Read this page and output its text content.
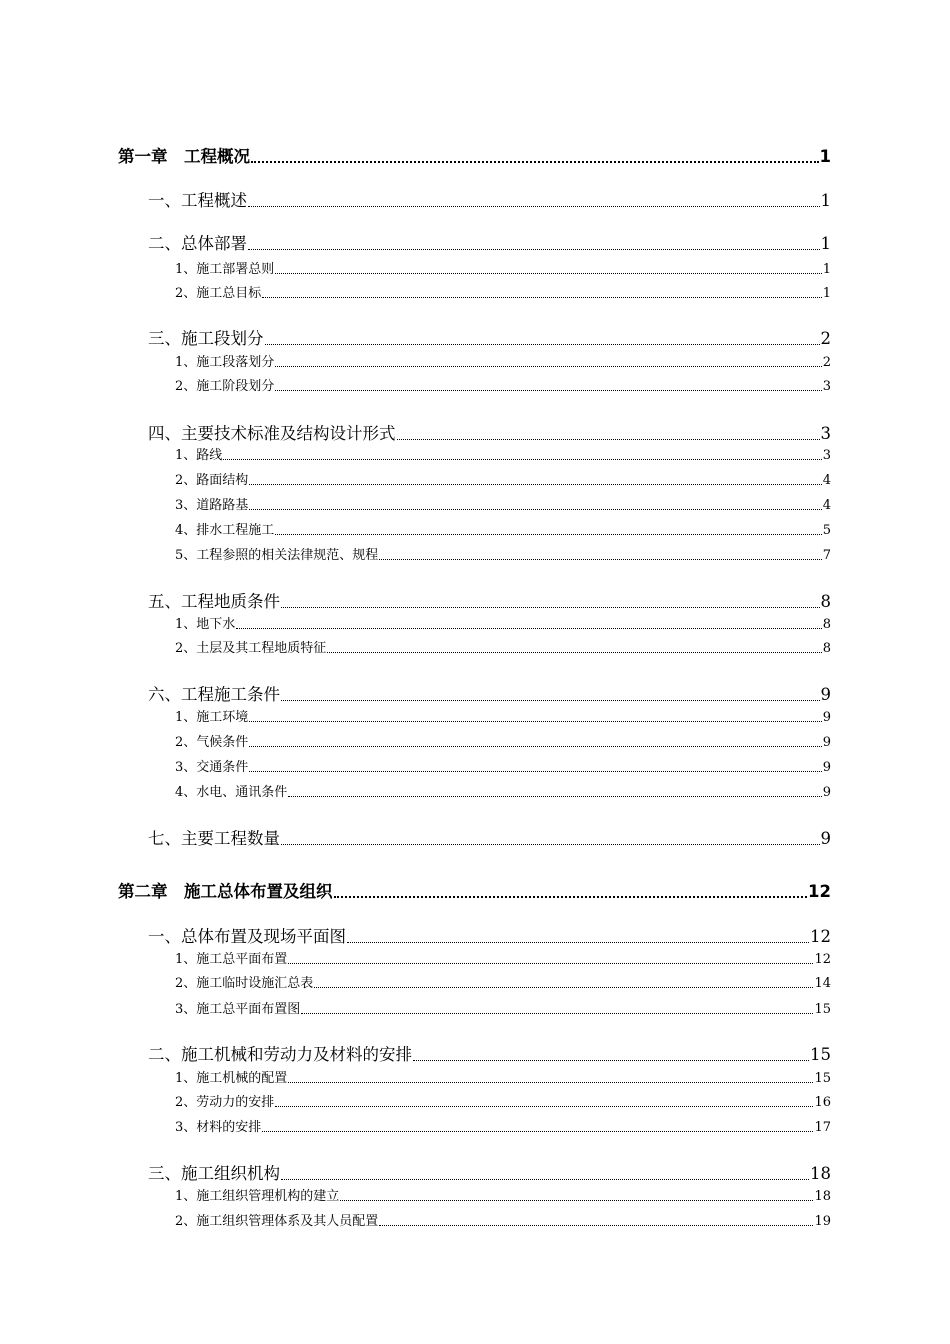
第一章　工程概况	1
一、工程概述	1
二、总体部署	1
1、施工部署总则	1
2、施工总目标	1
三、施工段划分	2
1、施工段落划分	2
2、施工阶段划分	3
四、主要技术标准及结构设计形式	3
1、路线	3
2、路面结构	4
3、道路路基	4
4、排水工程施工	5
5、工程参照的相关法律规范、规程	7
五、工程地质条件	8
1、地下水	8
2、土层及其工程地质特征	8
六、工程施工条件	9
1、施工环境	9
2、气候条件	9
3、交通条件	9
4、水电、通讯条件	9
七、主要工程数量	9
第二章　施工总体布置及组织	12
一、总体布置及现场平面图	12
1、施工总平面布置	12
2、施工临时设施汇总表	14
3、施工总平面布置图	15
二、施工机械和劳动力及材料的安排	15
1、施工机械的配置	15
2、劳动力的安排	16
3、材料的安排	17
三、施工组织机构	18
1、施工组织管理机构的建立	18
2、施工组织管理体系及其人员配置	19
